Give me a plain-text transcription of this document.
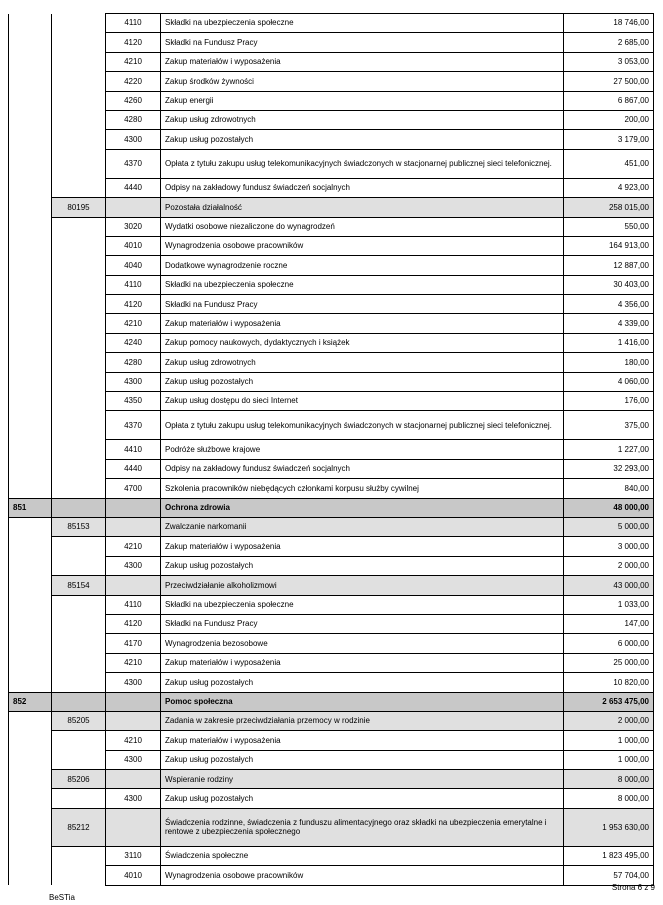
		4110	Składki na ubezpieczenia społeczne	18 746,00
		4120	Składki na Fundusz Pracy	2 685,00
		4210	Zakup materiałów i wyposażenia	3 053,00
		4220	Zakup środków żywności	27 500,00
		4260	Zakup energii	6 867,00
		4280	Zakup usług zdrowotnych	200,00
		4300	Zakup usług pozostałych	3 179,00
		4370	Opłata z tytułu zakupu usług telekomunikacyjnych świadczonych w stacjonarnej publicznej sieci telefonicznej.	451,00
		4440	Odpisy na zakładowy fundusz świadczeń socjalnych	4 923,00
	80195		Pozostała działalność	258 015,00
		3020	Wydatki osobowe niezaliczone do wynagrodzeń	550,00
		4010	Wynagrodzenia osobowe pracowników	164 913,00
		4040	Dodatkowe wynagrodzenie roczne	12 887,00
		4110	Składki na ubezpieczenia społeczne	30 403,00
		4120	Składki na Fundusz Pracy	4 356,00
		4210	Zakup materiałów i wyposażenia	4 339,00
		4240	Zakup pomocy naukowych, dydaktycznych i książek	1 416,00
		4280	Zakup usług zdrowotnych	180,00
		4300	Zakup usług pozostałych	4 060,00
		4350	Zakup usług dostępu do sieci Internet	176,00
		4370	Opłata z tytułu zakupu usług telekomunikacyjnych świadczonych w stacjonarnej publicznej sieci telefonicznej.	375,00
		4410	Podróże służbowe krajowe	1 227,00
		4440	Odpisy na zakładowy fundusz świadczeń socjalnych	32 293,00
		4700	Szkolenia pracowników niebędących członkami korpusu służby cywilnej	840,00
851			Ochrona zdrowia	48 000,00
	85153		Zwalczanie narkomanii	5 000,00
		4210	Zakup materiałów i wyposażenia	3 000,00
		4300	Zakup usług pozostałych	2 000,00
	85154		Przeciwdziałanie alkoholizmowi	43 000,00
		4110	Składki na ubezpieczenia społeczne	1 033,00
		4120	Składki na Fundusz Pracy	147,00
		4170	Wynagrodzenia bezosobowe	6 000,00
		4210	Zakup materiałów i wyposażenia	25 000,00
		4300	Zakup usług pozostałych	10 820,00
852			Pomoc społeczna	2 653 475,00
	85205		Zadania w zakresie przeciwdziałania przemocy w rodzinie	2 000,00
		4210	Zakup materiałów i wyposażenia	1 000,00
		4300	Zakup usług pozostałych	1 000,00
	85206		Wspieranie rodziny	8 000,00
		4300	Zakup usług pozostałych	8 000,00
	85212		Świadczenia rodzinne, świadczenia z funduszu alimentacyjnego oraz składki na ubezpieczenia emerytalne i rentowe z ubezpieczenia społecznego	1 953 630,00
		3110	Świadczenia społeczne	1 823 495,00
		4010	Wynagrodzenia osobowe pracowników	57 704,00
Strona 6 z 9
BeSTia
